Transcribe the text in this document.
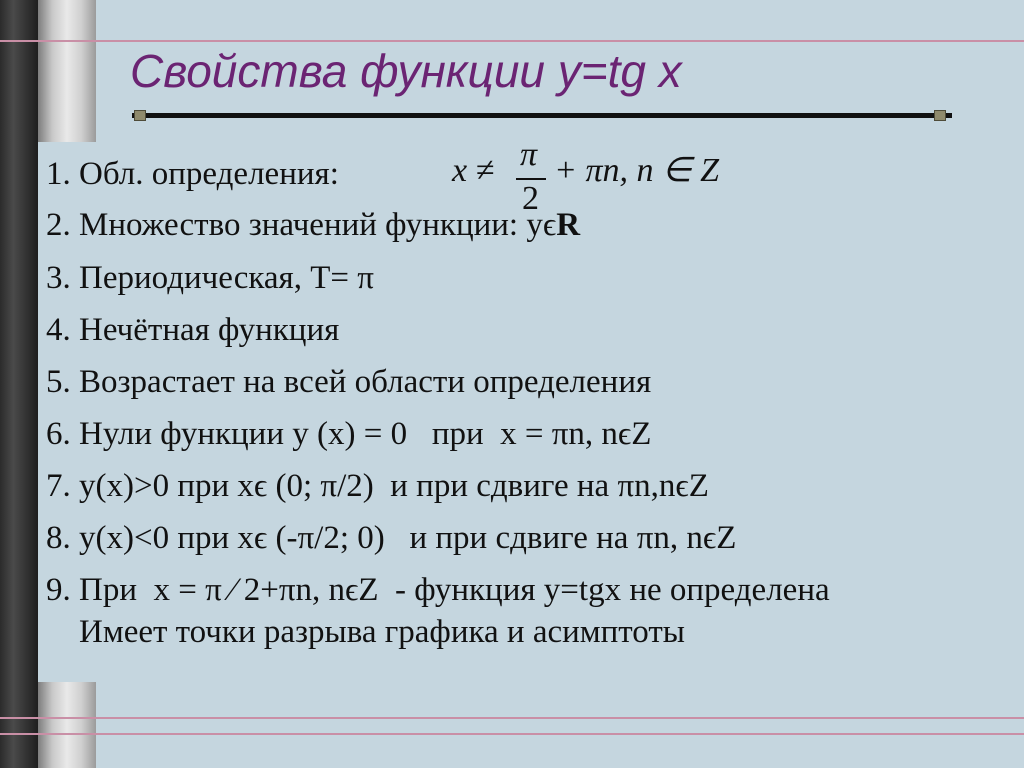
Свойства функции y=tg x
x ≠ π
2
+ πn, n ∈ Z
1. Обл. определения:
2. Множество значений функции: yϵR
3. Периодическая, Т= π
4. Нечётная функция
5. Возрастает на всей области определения
6. Нули функции у (х) = 0   при  х = πn, nϵZ
7. у(х)>0 при хϵ (0; π/2)  и при сдвиге на πn,nϵZ
8. у(х)<0 при хϵ (-π/2; 0)   и при сдвиге на πn, nϵZ
9. При  х = π ⁄ 2+πn, nϵZ  - функция у=tgx не определена
Имеет точки разрыва графика и асимптоты
